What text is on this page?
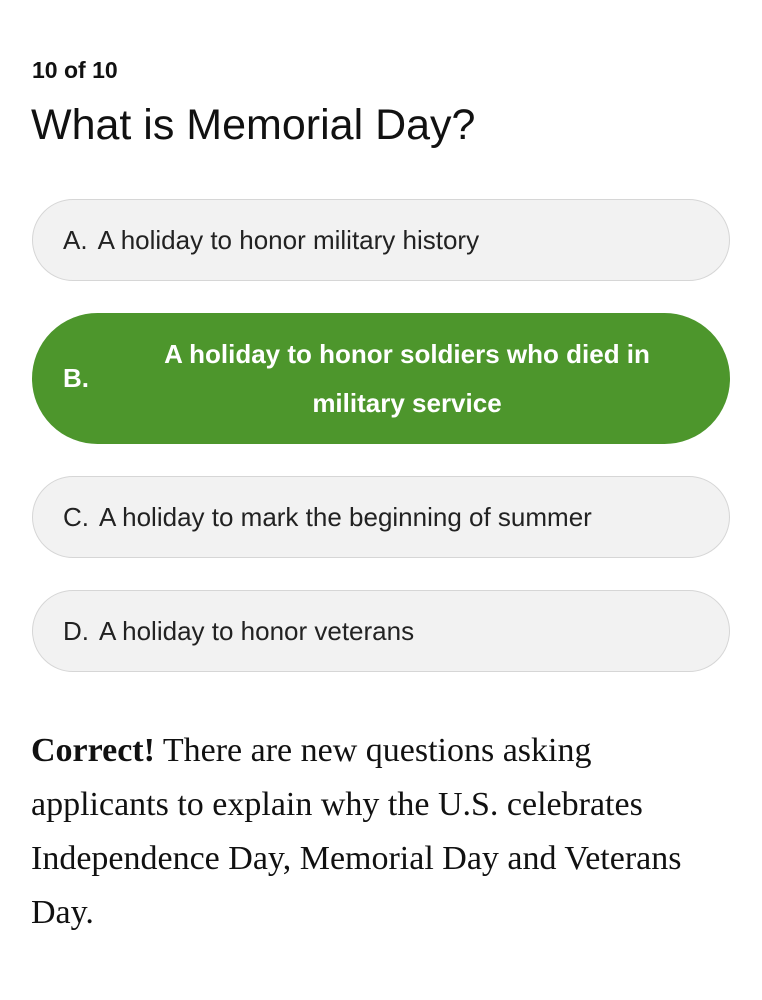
10 of 10
What is Memorial Day?
A. A holiday to honor military history
B.
A holiday to honor soldiers who died in military service
C. A holiday to mark the beginning of summer
D. A holiday to honor veterans
Correct! There are new questions asking applicants to explain why the U.S. celebrates Independence Day, Memorial Day and Veterans Day.
